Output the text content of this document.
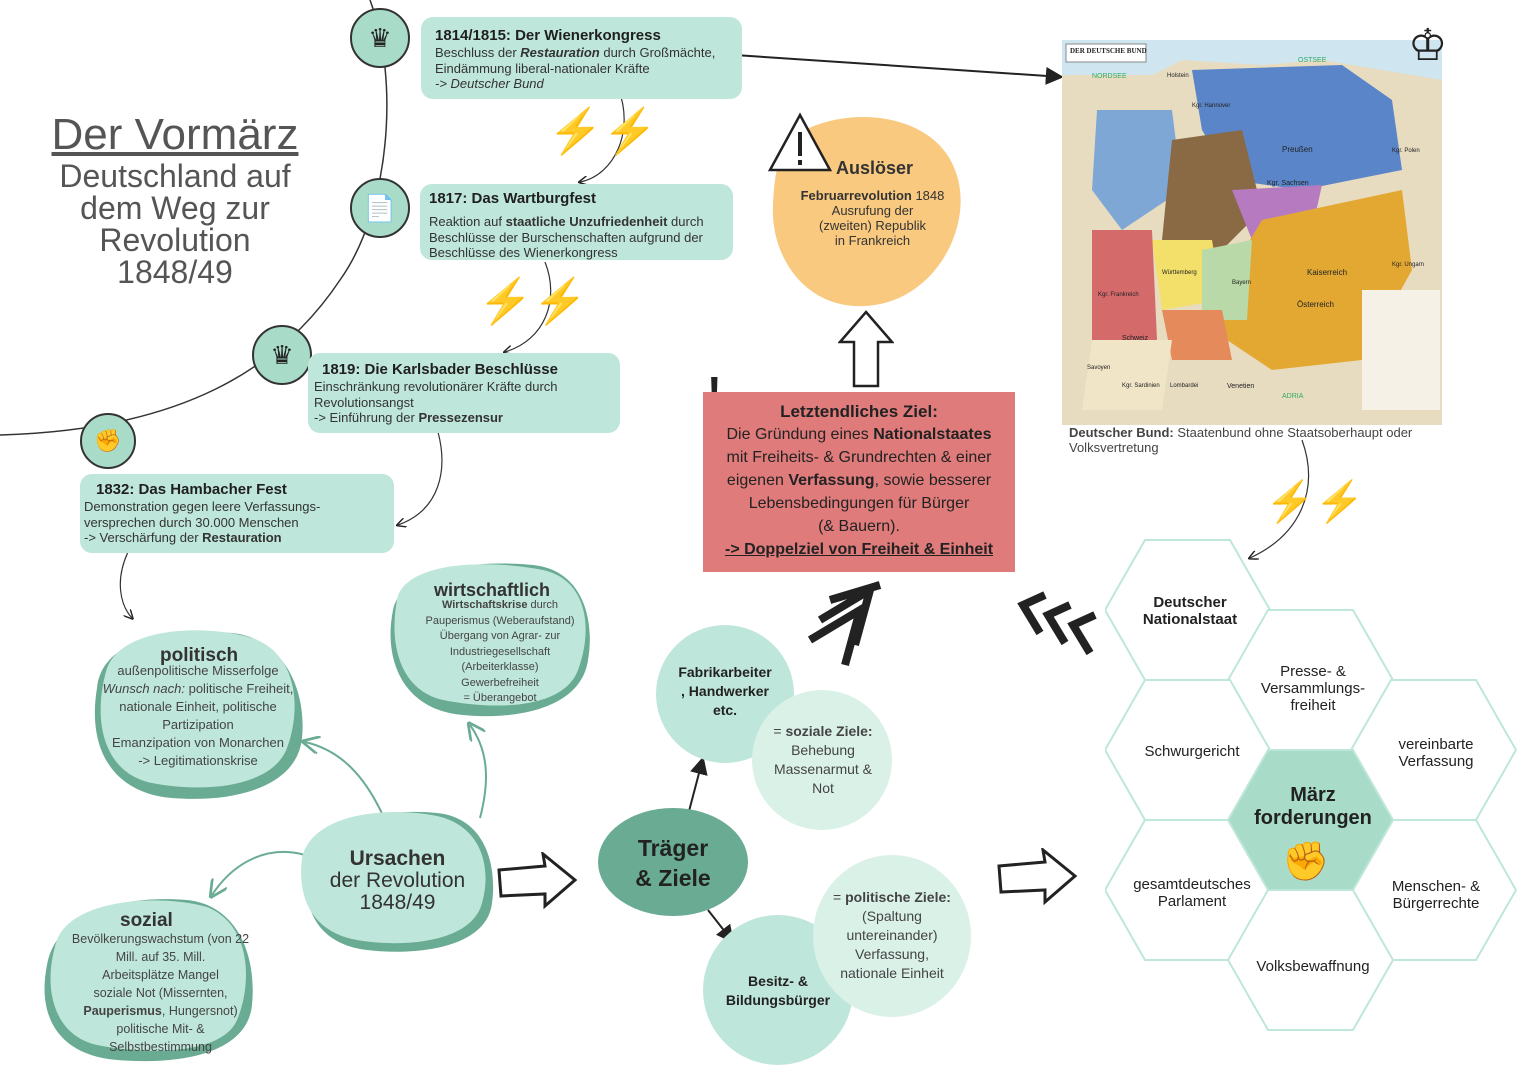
Der Vormärz
Deutschland auf
dem Weg zur
Revolution
1848/49
♛
📄
♛
✊
1814/1815: Der Wienerkongress
Beschluss der Restauration durch Großmächte,
Eindämmung liberal-nationaler Kräfte
-> Deutscher Bund
1817: Das Wartburgfest
Reaktion auf staatliche Unzufriedenheit durch
Beschlüsse der Burschenschaften aufgrund der
Beschlüsse des Wienerkongress
1819: Die Karlsbader Beschlüsse
Einschränkung revolutionärer Kräfte durch
Revolutionsangst
-> Einführung der Pressezensur
1832: Das Hambacher Fest
Demonstration gegen leere Verfassungs-
versprechen durch 30.000 Menschen
-> Verschärfung der Restauration
⚡⚡
⚡⚡
⚡⚡
Auslöser
Februarrevolution 1848
Ausrufung der
(zweiten) Republik
in Frankreich
Letztendliches Ziel:
Die Gründung eines Nationalstaates
mit Freiheits- & Grundrechten & einer
eigenen Verfassung, sowie besserer
Lebensbedingungen für Bürger
(& Bauern).
-> Doppelziel von Freiheit & Einheit
DER DEUTSCHE BUND
NORDSEE
OSTSEE
Preußen
Kgr. Sachsen
Kaiserreich
Österreich
Kgr. Ungarn
Schweiz
Kgr. Frankreich
Venetien
ADRIA
Kgr. Hannover
Holstein
Kgr. Polen
Bayern
Württemberg
Lombardei
Kgr. Sardinien
Savoyen
♔
Deutscher Bund: Staatenbund ohne Staatsoberhaupt oder Volksvertretung
politisch
außenpolitische Misserfolge
Wunsch nach: politische Freiheit, nationale Einheit, politische Partizipation
Emanzipation von Monarchen
-> Legitimationskrise
wirtschaftlich
Wirtschaftskrise durch Pauperismus (Weberaufstand)
Übergang von Agrar- zur Industriegesellschaft (Arbeiterklasse)
Gewerbefreiheit
= Überangebot
sozial
Bevölkerungswachstum (von 22 Mill. auf 35. Mill.
Arbeitsplätze Mangel
soziale Not (Missernten,
Pauperismus, Hungersnot)
politische Mit- & Selbstbestimmung
Ursachen
der Revolution
1848/49
Fabrikarbeiter
, Handwerker
etc.
= soziale Ziele:
Behebung
Massenarmut &
Not
Träger
& Ziele
Besitz- &
Bildungsbürger
= politische Ziele:
(Spaltung
untereinander)
Verfassung,
nationale Einheit
März
forderungen
✊
Deutscher
Nationalstaat
Presse- &
Versammlungs-
freiheit
Schwurgericht	vereinbarte
Verfassung
gesamtdeutsches
Parlament
Menschen- &
Bürgerrechte
Volksbewaffnung
